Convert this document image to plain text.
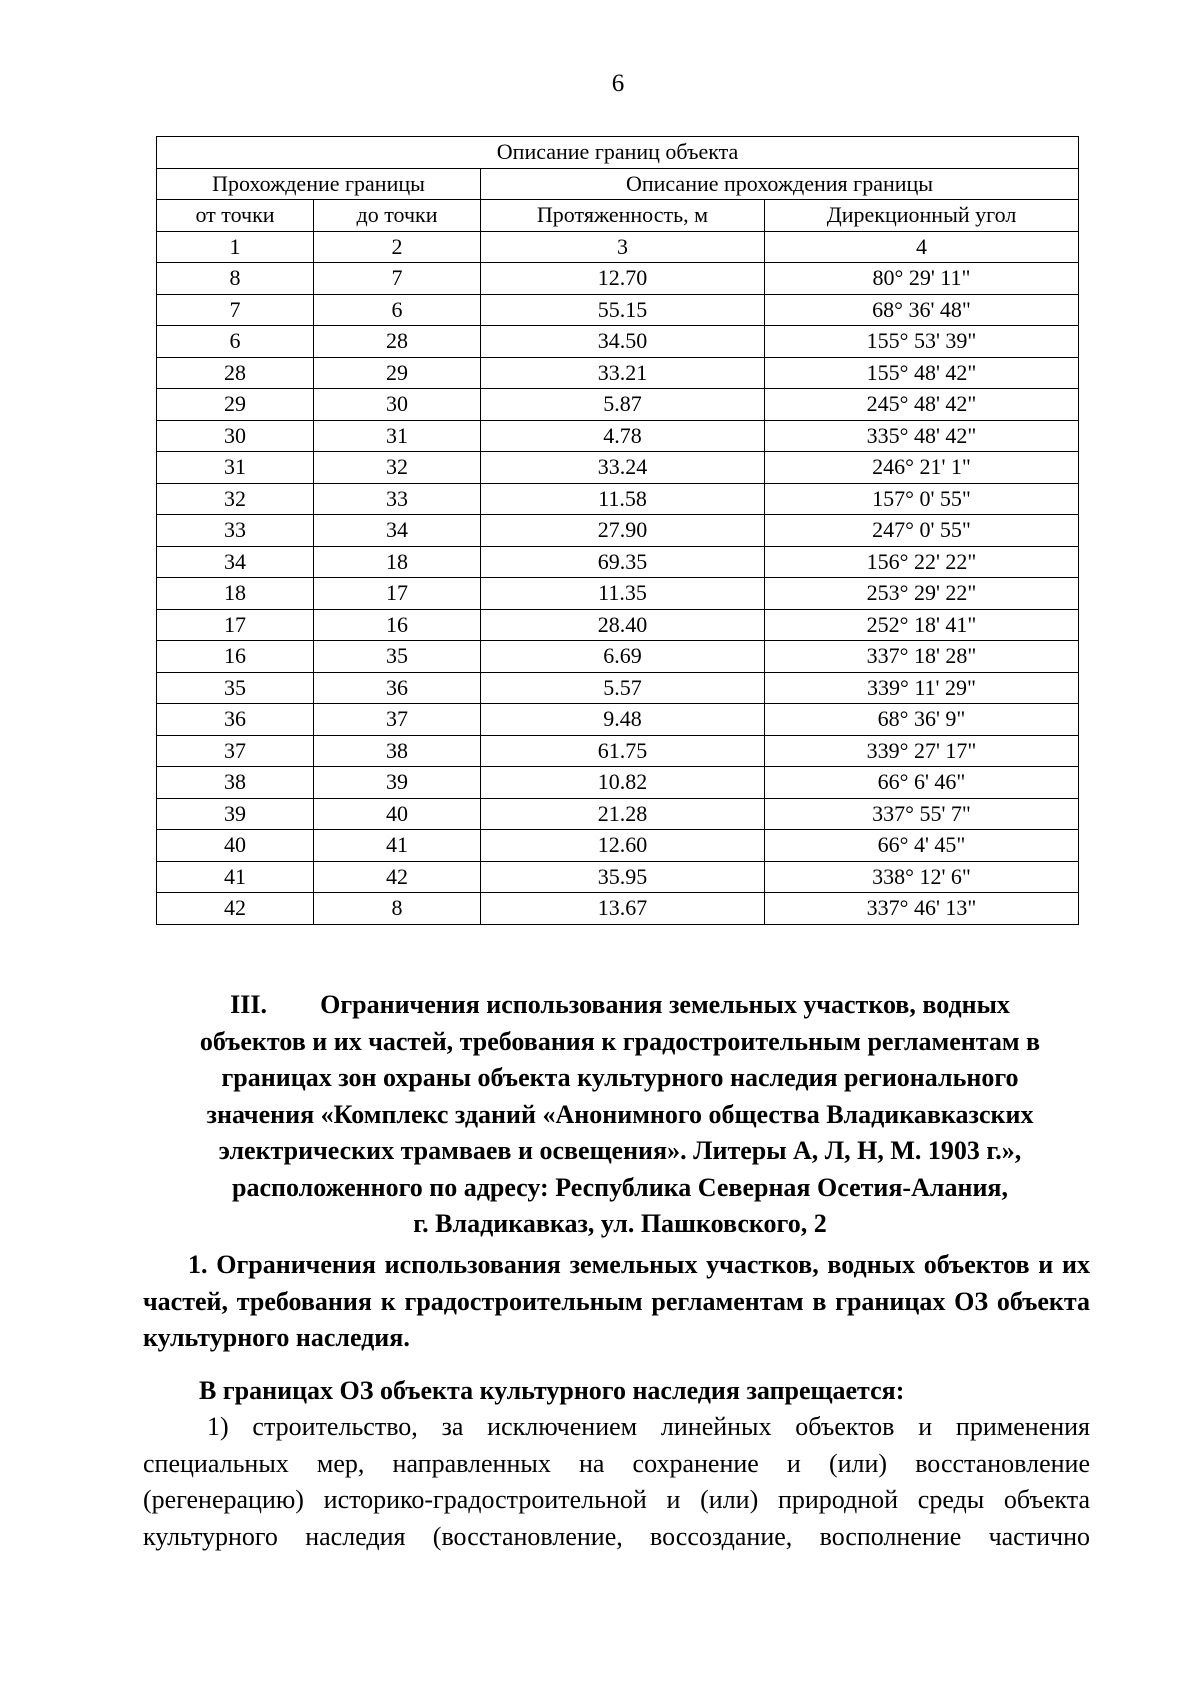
6
Описание границ объекта			
Прохождение границы		Описание прохождения границы	
от точки	до точки	Протяженность, м	Дирекционный угол
1	2	3	4
8	7	12.70	80° 29' 11"
7	6	55.15	68° 36' 48"
6	28	34.50	155° 53' 39"
28	29	33.21	155° 48' 42"
29	30	5.87	245° 48' 42"
30	31	4.78	335° 48' 42"
31	32	33.24	246° 21' 1"
32	33	11.58	157° 0' 55"
33	34	27.90	247° 0' 55"
34	18	69.35	156° 22' 22"
18	17	11.35	253° 29' 22"
17	16	28.40	252° 18' 41"
16	35	6.69	337° 18' 28"
35	36	5.57	339° 11' 29"
36	37	9.48	68° 36' 9"
37	38	61.75	339° 27' 17"
38	39	10.82	66° 6' 46"
39	40	21.28	337° 55' 7"
40	41	12.60	66° 4' 45"
41	42	35.95	338° 12' 6"
42	8	13.67	337° 46' 13"
III. Ограничения использования земельных участков, водных
объектов и их частей, требования к градостроительным регламентам в
границах зон охраны объекта культурного наследия регионального
значения «Комплекс зданий «Анонимного общества Владикавказских
электрических трамваев и освещения». Литеры А, Л, Н, М. 1903 г.»,
расположенного по адресу: Республика Северная Осетия-Алания,
г. Владикавказ, ул. Пашковского, 2
1. Ограничения использования земельных участков, водных объектов и их частей, требования к градостроительным регламентам в границах ОЗ объекта культурного наследия.
В границах ОЗ объекта культурного наследия запрещается:
1) строительство, за исключением линейных объектов и применения специальных мер, направленных на сохранение и (или) восстановление (регенерацию) историко-градостроительной и (или) природной среды объекта культурного наследия (восстановление, воссоздание, восполнение частично
